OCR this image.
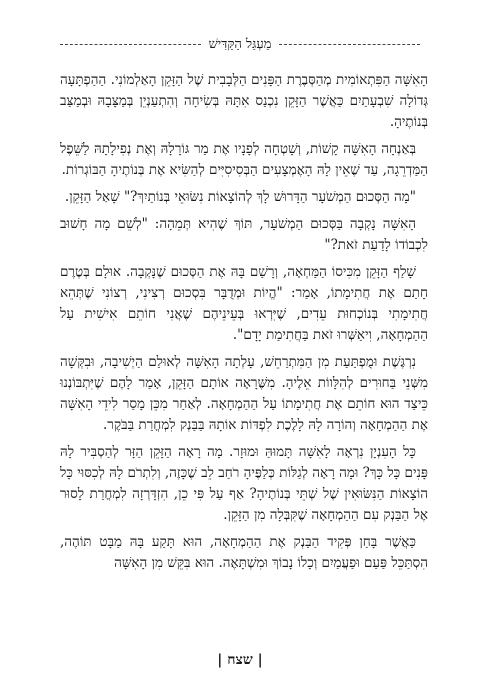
מַעְגַּל הַקַּדִּישׁ

הָאִשָּׁה הַפִּתְאוֹמִית מְהַסְּבֶרֶת הַפָּנִים הַלְּבָבִית שֶׁל הַזָּקֵן הָאַלְמוֹנִי. הַהַפְתָּעָה גְּדוֹלָה שִׁבְעָתַיִם כַּאֲשֶׁר הַזָּקֵן נִכְנַס אִתָּהּ בְּשִׂיחָה וְהִתְעַנְיֵן בְּמַצָּבָהּ וּבְמַצַּב בְּנוֹתֶיהָ.

בְּאַנְחָה הָאִשָּׁה קָשׁוֹת, וְשָׁטְחָה לְפָנָיו אֶת מַר גּוֹרָלָהּ וְאֶת נְפִילָתָהּ לַשֵּׁפֶל הַמַּדְרֵגָה, עַד שֶׁאֵין לָהּ הָאֶמְצָעִים הַבְּסִיסִיִּים לְהַשִּׂיא אֶת בְּנוֹתֶיהָ הַבּוֹגְרוֹת.

"מָה הַסְּכוּם הַמְשֹׁעָר הַדָּרוּשׁ לָךְ לְהוֹצָאוֹת נִשּׂוּאֵי בְּנוֹתַיִךְ?" שָׁאַל הַזָּקֵן.

הָאִשָּׁה נָקְבָה בַּסְּכוּם הַמְשֹׁעָר, תּוֹךְ שֶׁהִיא תְּמֵהָה: "לְשֵׁם מָה חָשׁוּב לִכְבוֹדוֹ לָדַעַת זֹאת?"

שָׁלַף הַזָּקֵן מִכִּיסוֹ הַמַּחְאָה, וְרָשַׁם בָּהּ אֶת הַסְּכוּם שֶׁנָּקְבָה. אוּלָם בְּטֶרֶם חָתַם אֶת חֲתִימָתוֹ, אָמַר: "הֱיוֹת וּמְדֻבָּר בִּסְכוּם רְצִינִי, רְצוֹנִי שֶׁתְּהֵא חֲתִימָתִי בְּנוֹכְחוּת עֵדִים, שֶׁיִּרְאוּ בְּעֵינֵיהֶם שֶׁאֲנִי חוֹתֵם אִישִׁית עַל הַהַמְחָאָה, וִיאַשְּׁרוּ זֹאת בַּחֲתִימַת יָדָם".

נִרְגֶּשֶׁת וּמֻפְתַּעַת מִן הַמִּתְרַחֵשׁ, עָלְתָה הָאִשָּׁה לְאוּלַם הַיְשִׁיבָה, וּבִקְּשָׁה מִשְּׁנֵי בַּחוּרִים לְהִלָּווֹת אֵלֶיהָ. מִשֶּׁרָאָה אוֹתָם הַזָּקֵן, אָמַר לָהֶם שֶׁיִּתְבּוֹנְנוּ כֵּיצַד הוּא חוֹתֵם אֶת חֲתִימָתוֹ עַל הַהַמְחָאָה. לְאַחַר מִכֵּן מָסַר לִידֵי הָאִשָּׁה אֶת הַהַמְחָאָה וְהוֹרָה לָהּ לָלֶכֶת לִפְדּוֹת אוֹתָהּ בַּבַּנְק לִמְחֳרַת בַּבֹּקֶר.

כָּל הָעִנְיָן נִרְאָה לָאִשָּׁה תָּמוּהַּ וּמוּזָר. מָה רָאָה הַזָּקֵן הַזָּר לְהַסְבִּיר לָהּ פָּנִים כָּל כָּךְ? וּמָה רָאָה לְגַלּוֹת כְּלַפֶּיהָ רֹחַב לֵב שֶׁכָּזֶה, וְלִתְרֹם לָהּ לְכִסּוּי כָּל הוֹצָאוֹת הַנִּשּׂוּאִין שֶׁל שְׁתֵּי בְּנוֹתֶיהָ? אַף עַל פִּי כֵן, הִזְדָּרְזָה לִמְחֳרַת לָסוּר אֶל הַבַּנְק עִם הַהַמְחָאָה שֶׁקִּבְּלָה מִן הַזָּקֵן.

כַּאֲשֶׁר בָּחַן פְּקִיד הַבַּנְק אֶת הַהַמְחָאָה, הוּא תָּקַע בָּהּ מַבָּט תּוֹהֶה, הִסְתַּכֵּל פַּעַם וּפַעֲמַיִם וְכָלוֹ נָבוֹךְ וּמִשְׁתָּאֶה. הוּא בִּקֵּשׁ מִן הָאִשָּׁה

| שצח |
